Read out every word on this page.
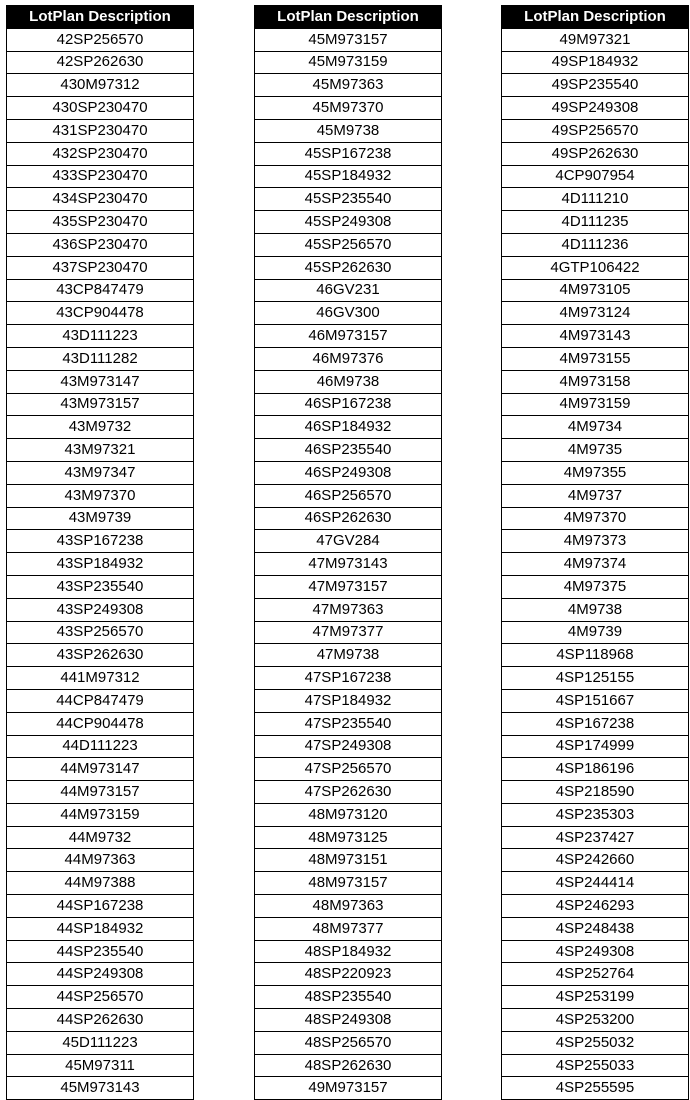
LotPlan Description
42SP256570
42SP262630
430M97312
430SP230470
431SP230470
432SP230470
433SP230470
434SP230470
435SP230470
436SP230470
437SP230470
43CP847479
43CP904478
43D111223
43D111282
43M973147
43M973157
43M9732
43M97321
43M97347
43M97370
43M9739
43SP167238
43SP184932
43SP235540
43SP249308
43SP256570
43SP262630
441M97312
44CP847479
44CP904478
44D111223
44M973147
44M973157
44M973159
44M9732
44M97363
44M97388
44SP167238
44SP184932
44SP235540
44SP249308
44SP256570
44SP262630
45D111223
45M97311
45M973143
LotPlan Description
45M973157
45M973159
45M97363
45M97370
45M9738
45SP167238
45SP184932
45SP235540
45SP249308
45SP256570
45SP262630
46GV231
46GV300
46M973157
46M97376
46M9738
46SP167238
46SP184932
46SP235540
46SP249308
46SP256570
46SP262630
47GV284
47M973143
47M973157
47M97363
47M97377
47M9738
47SP167238
47SP184932
47SP235540
47SP249308
47SP256570
47SP262630
48M973120
48M973125
48M973151
48M973157
48M97363
48M97377
48SP184932
48SP220923
48SP235540
48SP249308
48SP256570
48SP262630
49M973157
LotPlan Description
49M97321
49SP184932
49SP235540
49SP249308
49SP256570
49SP262630
4CP907954
4D111210
4D111235
4D111236
4GTP106422
4M973105
4M973124
4M973143
4M973155
4M973158
4M973159
4M9734
4M9735
4M97355
4M9737
4M97370
4M97373
4M97374
4M97375
4M9738
4M9739
4SP118968
4SP125155
4SP151667
4SP167238
4SP174999
4SP186196
4SP218590
4SP235303
4SP237427
4SP242660
4SP244414
4SP246293
4SP248438
4SP249308
4SP252764
4SP253199
4SP253200
4SP255032
4SP255033
4SP255595
